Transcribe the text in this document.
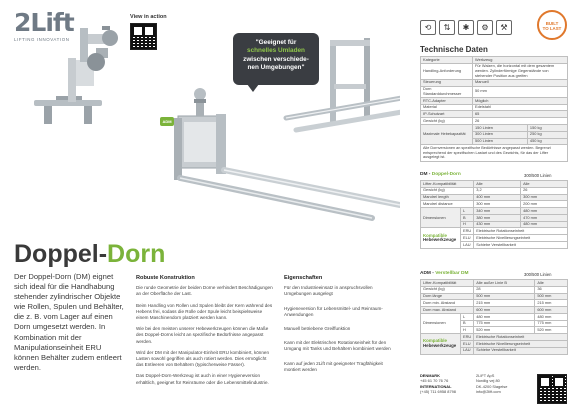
2Lift
LIFTING INNOVATION
View in action
"Geeignet für
schnelles Umladen
zwischen verschiede-
nen Umgebungen"
ADM
Doppel-Dorn
Der Doppel-Dorn (DM) eignet sich ideal für die Handhabung stehender zylindrischer Objekte wie Rollen, Spulen und Behälter, die z. B. vom Lager auf einen Dorn umgesetzt werden. In Kombination mit der Manipulationseinheit ERU können Behälter zudem entleert werden.
Robuste Konstruktion

Die runde Geometrie der beiden Dorne verhindert Beschädigungen an der Oberfläche der Last.

Beim Handling von Rollen und Spulen bleibt der Kern während des Hebens frei, sodass die Rolle oder Spule leicht beispielsweise einem Maschinendorn platziert werden kann.

Wie bei den meisten unserer Hebewerkzeugen können die Maße des Doppel-Dorns leicht an spezifische Bedürfnisse angepasst werden.

Wird der DM mit der Manipulator-Einheit ERU kombiniert, können Lasten sowohl gegriffen als auch rotiert werden. Dies ermöglicht das Entleeren von Behältern (typischerweise Fässer).

Das Doppel-Dorn-Werkzeug ist auch in einer Hygieneversion erhältlich, geeignet für Reinräume oder die Lebensmittelindustrie.

Eigenschaften

Für den Industrieeinsatz in anspruchsvollen Umgebungen ausgelegt

Hygieneversion für Lebensmittel- und Reinraum-Anwendungen

Manuell betriebene Greiffunktion

Kann mit der Elektrischen Rotationseinheit für den Umgang mit Tanks und Behältern kombiniert werden

Kann auf jeden 2Lift mit geeigneter Tragfähigkeit montiert werden

⟲	⇅	✱	⚙	⚒	BUILT
TO LAST
Technische Daten
Kategorie	Werkzeug	
Handling-Anforderung	Für Walzen, die horizontal mit dem gesamtem werden. Zylinderförmige Gegenstände von stehender Position aus greifen	
Steuerung	Manuell	
Dorn Standarddurchmesser	50 mm	
RTC-Adapter	Möglich	
Material	Edelstahl	
IP-Schutzart	65	
Gewicht (kg)	26	
Maximale Hebekapazität	150 Linien	150 kg
	300 Linien	250 kg
	500 Linien	450 kg
Alle Dornversionen an spezifische Bedürfnisse angepasst werden. Begrenzt entsprechend der spezifischen Lastart und des Gewichts, für das der Lifter ausgelegt ist.
DM - Doppel-Dorn	300/500 Linien
Lifter-Kompatibilität		Alle	Alle
Gewicht (kg)		3,2	26
Mandrel length		400 mm	300 mm
Mandrel distance		300 mm	200 mm
Dimensionen	L	340 mm	480 mm
	B	380 mm	470 mm
	H	430 mm	480 mm
Kompatible
Hebewerkzeuge	ERU	Elektrische Rotationseinheit	
	ELU	Elektrische Nivellierungseinheit	
	LAU	Schiebe Verstellbarkeit	
ADM - Verstellbar DM	300/500 Linien
Lifter-Kompatibilität		Alle außer Linie B	Alle
Gewicht (kg)		28	36
Dorn länge		500 mm	500 mm
Dorn min. Abstand		215 mm	215 mm
Dorn max. Abstand		600 mm	600 mm
Dimensionen	L	480 mm	480 mm
	B	775 mm	775 mm
	H	520 mm	520 mm
Kompatible
Hebewerkzeuge	ERU	Elektrische Rotationseinheit	
	ELU	Elektrische Nivellierungseinheit	
	LAU	Schiebe Verstellbarkeit	
DENMARK
+45 61 70 76 76
INTERNATIONAL
(+45) 711 6958 8798
2LIFT ApS
Nordlig vej 80
DK-4200 Slagelse
info@2lift.com
